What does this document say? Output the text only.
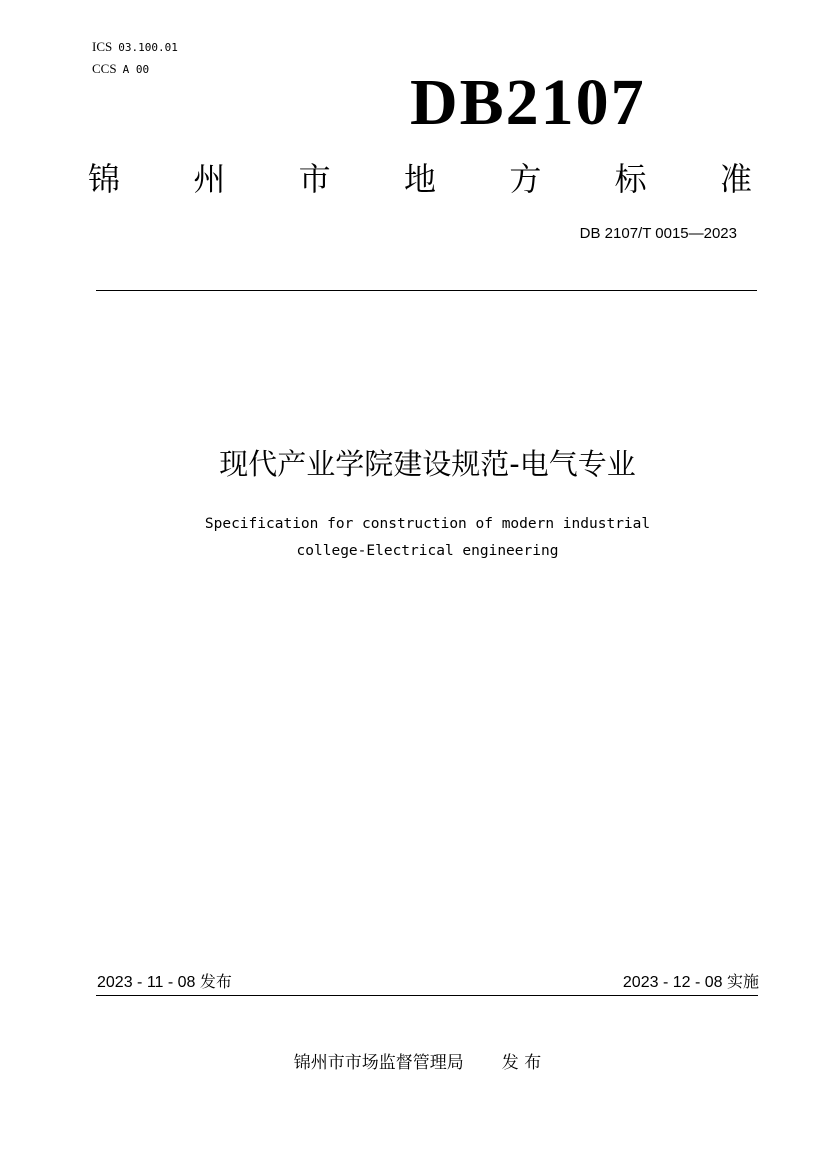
ICS 03.100.01
CCS A 00	DB2107
锦 州 市 地 方 标 准
DB 2107/T 0015—2023
现代产业学院建设规范-电气专业
Specification for construction of modern industrial
college-Electrical engineering
2023 - 11 - 08 发布	2023 - 12 - 08 实施
锦州市市场监督管理局 发 布
